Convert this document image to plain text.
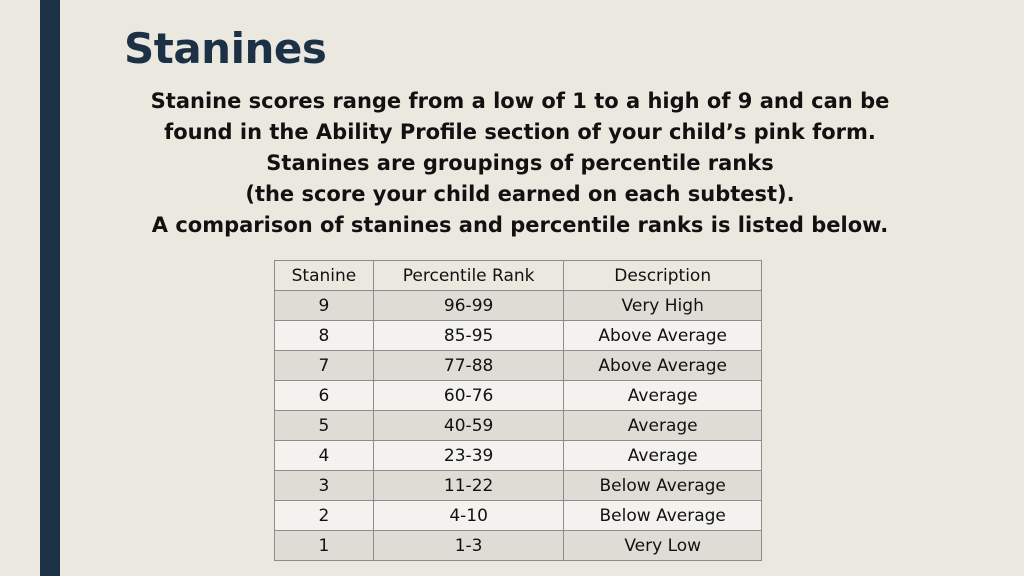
Stanines
Stanine scores range from a low of 1 to a high of 9 and can be
found in the Ability Profile section of your child’s pink form.
Stanines are groupings of percentile ranks
(the score your child earned on each subtest).
A comparison of stanines and percentile ranks is listed below.
Stanine	Percentile Rank	Description
9	96-99	Very High
8	85-95	Above Average
7	77-88	Above Average
6	60-76	Average
5	40-59	Average
4	23-39	Average
3	11-22	Below Average
2	4-10	Below Average
1	1-3	Very Low
